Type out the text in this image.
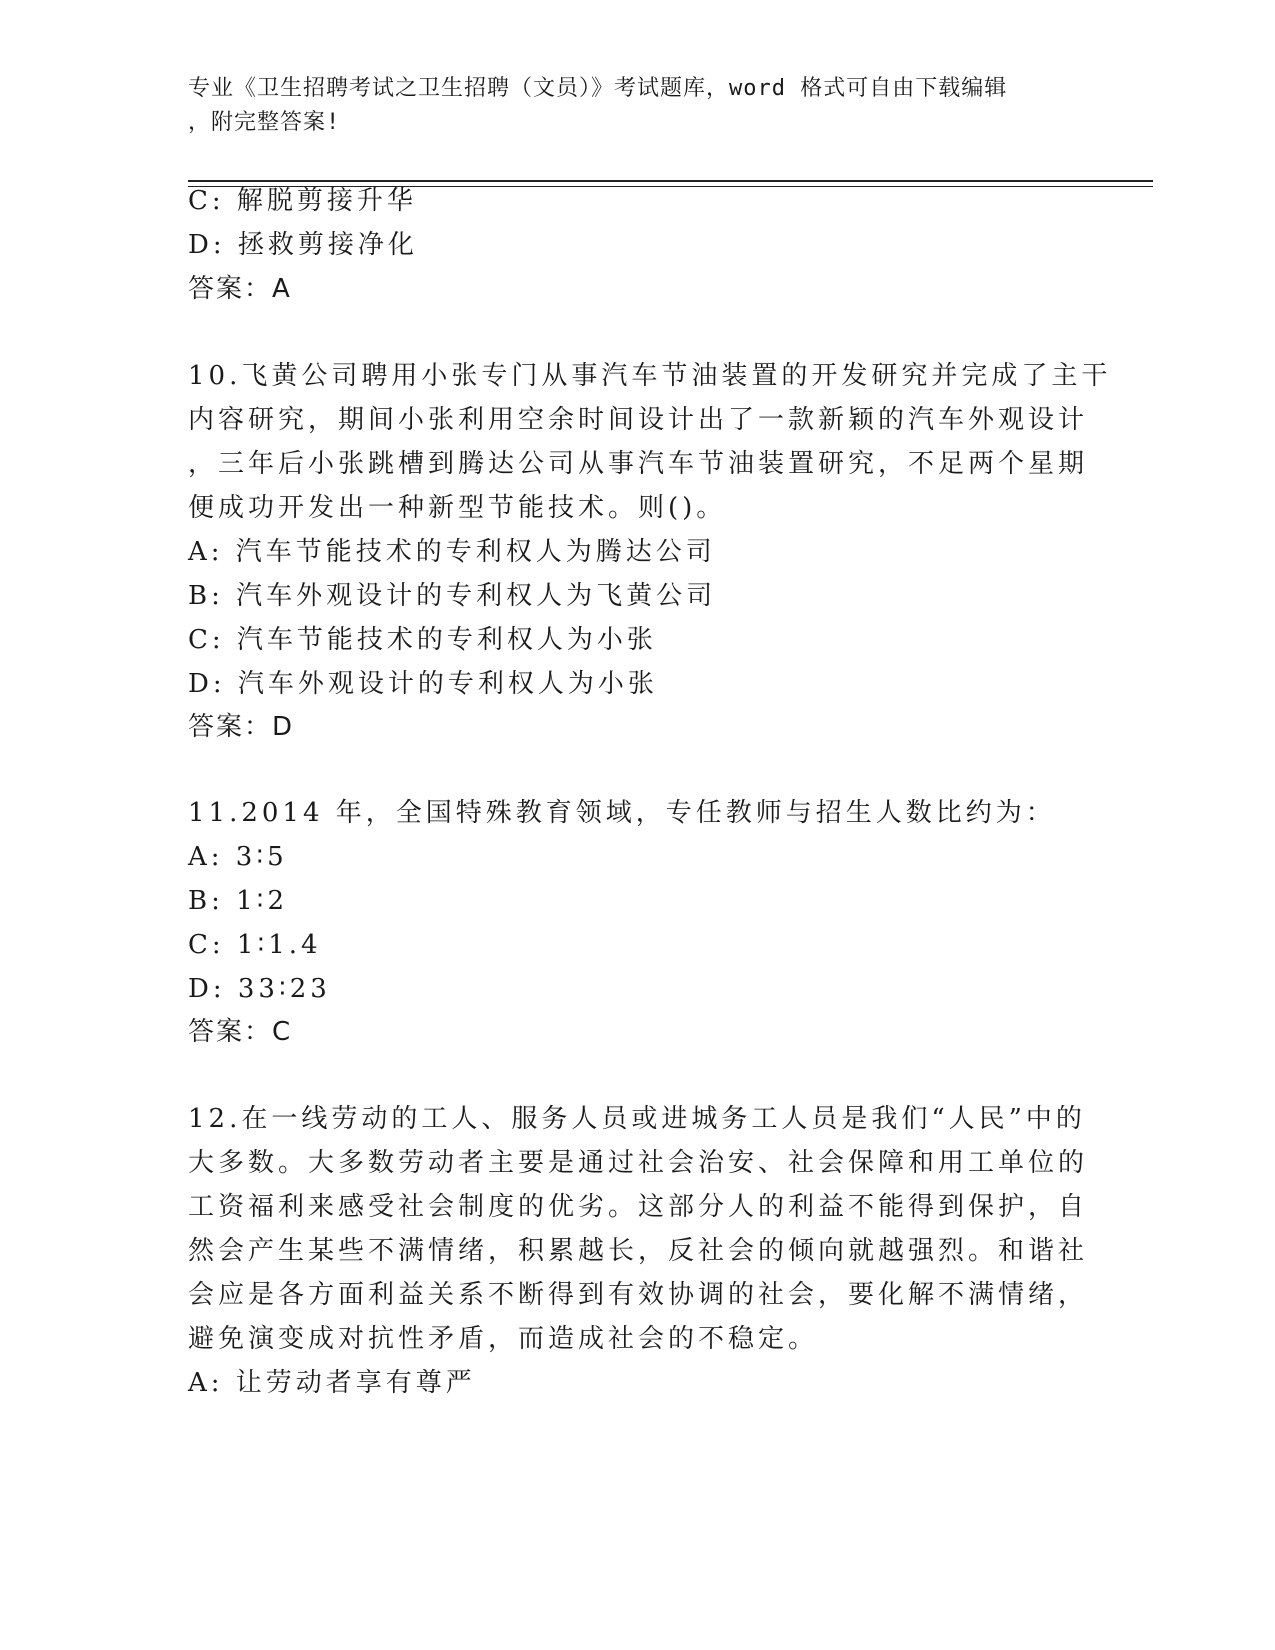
专业《卫生招聘考试之卫生招聘（文员）》考试题库，word 格式可自由下载编辑
，附完整答案!
C: 解脱剪接升华
D: 拯救剪接净化
答案：A
10.飞黄公司聘用小张专门从事汽车节油装置的开发研究并完成了主干
内容研究，期间小张利用空余时间设计出了一款新颖的汽车外观设计
，三年后小张跳槽到腾达公司从事汽车节油装置研究，不足两个星期
便成功开发出一种新型节能技术。则()。
A: 汽车节能技术的专利权人为腾达公司
B: 汽车外观设计的专利权人为飞黄公司
C: 汽车节能技术的专利权人为小张
D: 汽车外观设计的专利权人为小张
答案：D
11.2014 年，全国特殊教育领域，专任教师与招生人数比约为：
A: 3∶5
B: 1∶2
C: 1∶1.4
D: 33∶23
答案：C
12.在一线劳动的工人、服务人员或进城务工人员是我们“人民”中的
大多数。大多数劳动者主要是通过社会治安、社会保障和用工单位的
工资福利来感受社会制度的优劣。这部分人的利益不能得到保护，自
然会产生某些不满情绪，积累越长，反社会的倾向就越强烈。和谐社
会应是各方面利益关系不断得到有效协调的社会，要化解不满情绪，
避免演变成对抗性矛盾，而造成社会的不稳定。
A: 让劳动者享有尊严
